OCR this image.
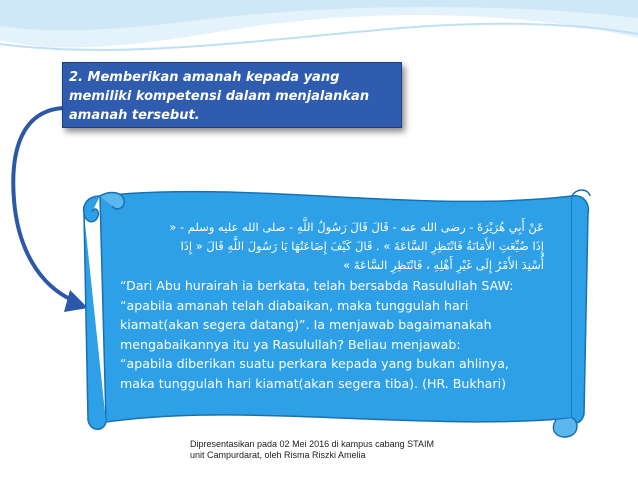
2. Memberikan amanah kepada yang memiliki kompetensi dalam menjalankan amanah tersebut.

عَنْ أَبِي هُرَيْرَةَ - رضى الله عنه - قَالَ قَالَ رَسُولُ اللَّهِ - صلى الله عليه وسلم - «

إِذَا ضُيِّعَتِ الأَمَانَةُ فَانْتَظِرِ السَّاعَةَ » . قَالَ كَيْفَ إِضَاعَتُهَا يَا رَسُولَ اللَّهِ قَالَ « إِذَا

أُسْنِدَ الأَمْرُ إِلَى غَيْرِ أَهْلِهِ ، فَانْتَظِرِ السَّاعَةَ »

“Dari Abu hurairah ia berkatа, telah bersabda Rasulullah SAW:

“apabila amanah telah diabaikan, maka tunggulah hari

kiamat(akan segera datang)”. Ia menjawab bagaimanakah

mengabaikannya itu ya Rasulullah? Beliau menjawab:

“apabila diberikan suatu perkara kepada yang bukan ahlinya,

maka tunggulah hari kiamat(akan segera tiba). (HR. Bukhari)

Dipresentasikan pada 02 Mei 2016 di kampus cabang STAIM
unit Campurdarat, oleh Risma Riszki Amelia
